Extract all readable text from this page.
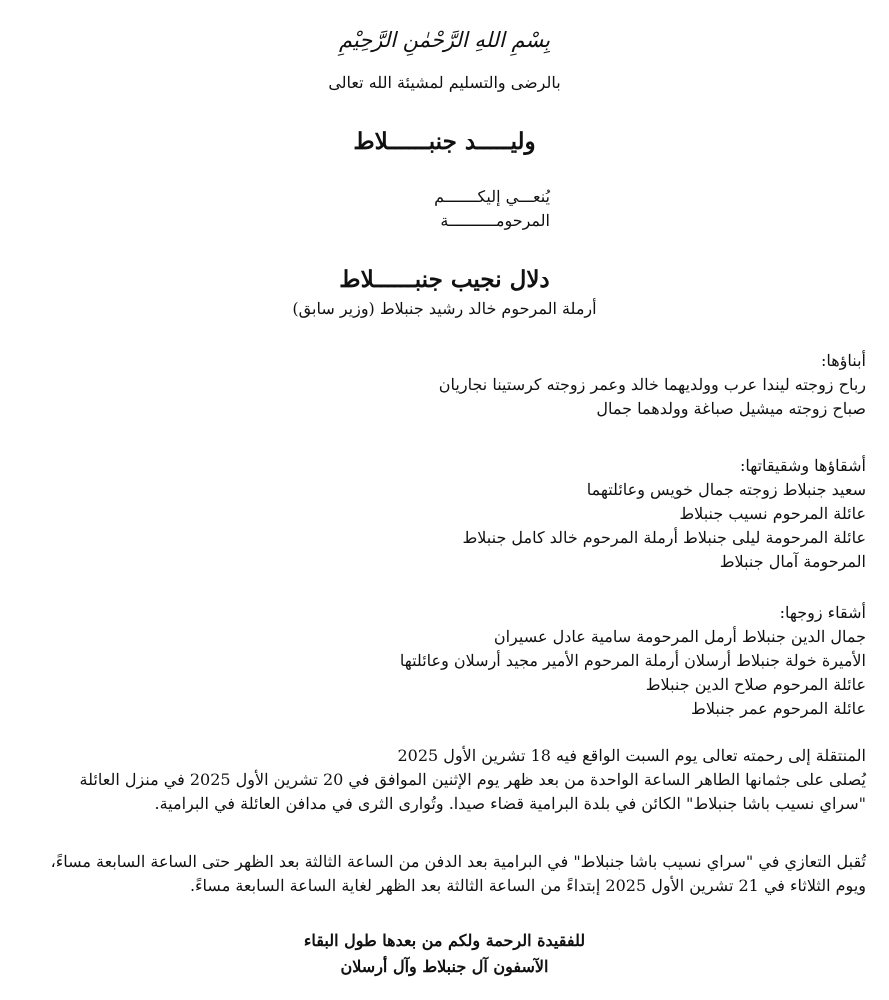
بِسْمِ اللهِ الرَّحْمٰنِ الرَّحِيْمِ
بالرضى والتسليم لمشيئة الله تعالى
وليـــــد جنبــــــلاط
يُنعـــي إليكـــــــم
المرحومــــــــــة
دلال نجيب جنبــــــلاط
أرملة المرحوم خالد رشيد جنبلاط (وزير سابق)
أبناؤها:
رباح زوجته ليندا عرب وولديهما خالد وعمر زوجته كرستينا نجاريان
صباح زوجته ميشيل صباغة وولدهما جمال
أشقاؤها وشقيقاتها:
سعيد جنبلاط زوجته جمال خويس وعائلتهما
عائلة المرحوم نسيب جنبلاط
عائلة المرحومة ليلى جنبلاط أرملة المرحوم خالد كامل جنبلاط
المرحومة آمال جنبلاط
أشقاء زوجها:
جمال الدين جنبلاط أرمل المرحومة سامية عادل عسيران
الأميرة خولة جنبلاط أرسلان أرملة المرحوم الأمير مجيد أرسلان وعائلتها
عائلة المرحوم صلاح الدين جنبلاط
عائلة المرحوم عمر جنبلاط
المنتقلة إلى رحمته تعالى يوم السبت الواقع فيه 18 تشرين الأول 2025
يُصلى على جثمانها الطاهر الساعة الواحدة من بعد ظهر يوم الإثنين الموافق في 20 تشرين الأول 2025 في منزل العائلة
"سراي نسيب باشا جنبلاط" الكائن في بلدة البرامية قضاء صيدا. وتُوارى الثرى في مدافن العائلة في البرامية.
تُقبل التعازي في "سراي نسيب باشا جنبلاط" في البرامية بعد الدفن من الساعة الثالثة بعد الظهر حتى الساعة السابعة مساءً،
ويوم الثلاثاء في 21 تشرين الأول 2025 إبتداءً من الساعة الثالثة بعد الظهر لغاية الساعة السابعة مساءً.
للفقيدة الرحمة ولكم من بعدها طول البقاء
الآسفون آل جنبلاط وآل أرسلان
